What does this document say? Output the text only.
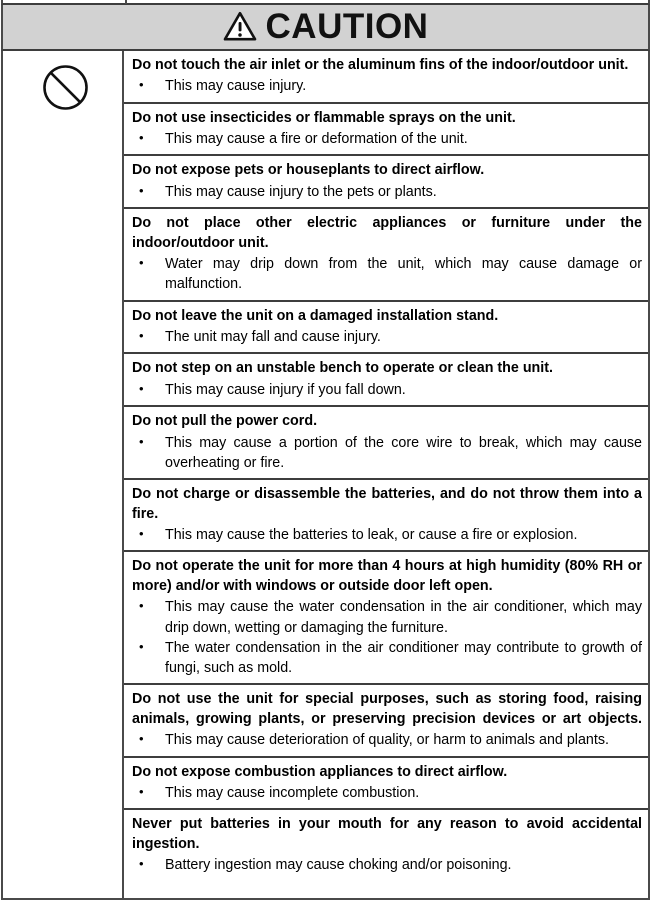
CAUTION

Do not touch the air inlet or the aluminum fins of the indoor/outdoor unit.

• This may cause injury.

Do not use insecticides or flammable sprays on the unit.

• This may cause a fire or deformation of the unit.

Do not expose pets or houseplants to direct airflow.

• This may cause injury to the pets or plants.

Do not place other electric appliances or furniture under the indoor/outdoor unit.

• Water may drip down from the unit, which may cause damage or malfunction.

Do not leave the unit on a damaged installation stand.

• The unit may fall and cause injury.

Do not step on an unstable bench to operate or clean the unit.

• This may cause injury if you fall down.

Do not pull the power cord.

• This may cause a portion of the core wire to break, which may cause overheating or fire.

Do not charge or disassemble the batteries, and do not throw them into a fire.

• This may cause the batteries to leak, or cause a fire or explosion.

Do not operate the unit for more than 4 hours at high humidity (80% RH or more) and/or with windows or outside door left open.

• This may cause the water condensation in the air conditioner, which may drip down, wetting or damaging the furniture.
• The water condensation in the air conditioner may contribute to growth of fungi, such as mold.

Do not use the unit for special purposes, such as storing food, raising animals, growing plants, or preserving precision devices or art objects.

• This may cause deterioration of quality, or harm to animals and plants.

Do not expose combustion appliances to direct airflow.

• This may cause incomplete combustion.

Never put batteries in your mouth for any reason to avoid accidental ingestion.

• Battery ingestion may cause choking and/or poisoning.
